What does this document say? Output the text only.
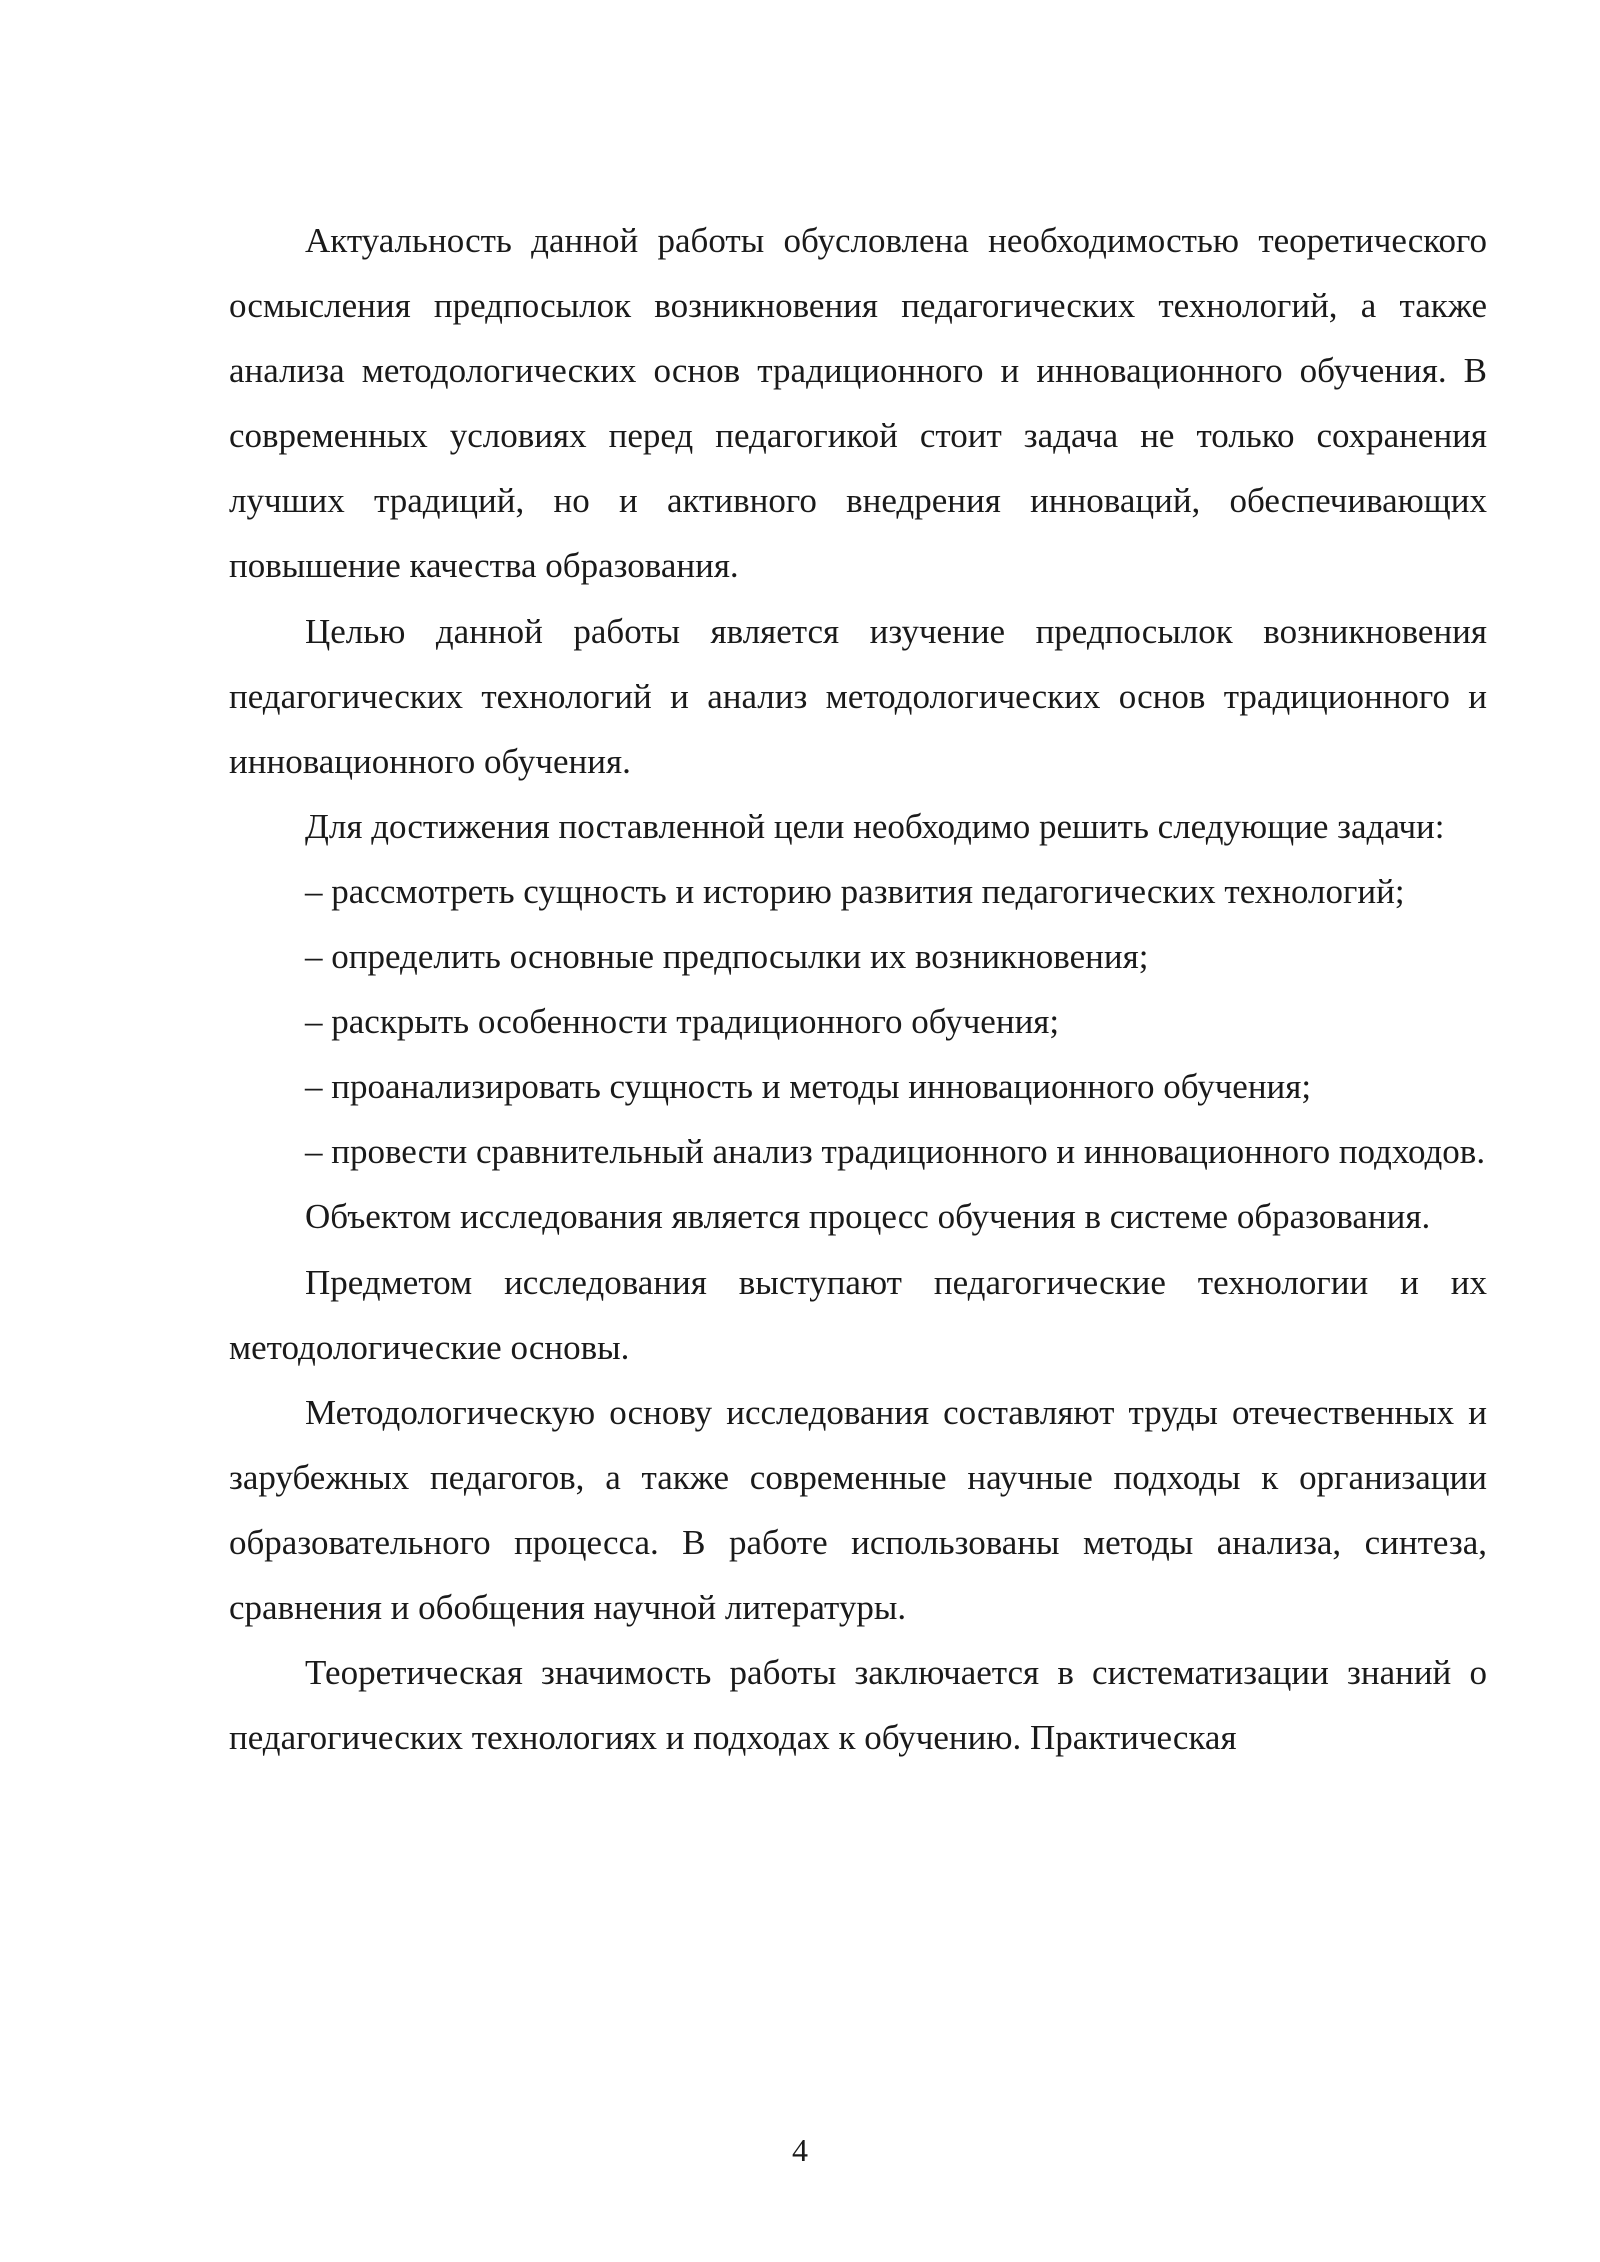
Актуальность данной работы обусловлена необходимостью теоретического осмысления предпосылок возникновения педагогических технологий, а также анализа методологических основ традиционного и инновационного обучения. В современных условиях перед педагогикой стоит задача не только сохранения лучших традиций, но и активного внедрения инноваций, обеспечивающих повышение качества образования.

Целью данной работы является изучение предпосылок возникновения педагогических технологий и анализ методологических основ традиционного и инновационного обучения.

Для достижения поставленной цели необходимо решить следующие задачи:

– рассмотреть сущность и историю развития педагогических технологий;

– определить основные предпосылки их возникновения;

– раскрыть особенности традиционного обучения;

– проанализировать сущность и методы инновационного обучения;

– провести сравнительный анализ традиционного и инновационного подходов.

Объектом исследования является процесс обучения в системе образования.

Предметом исследования выступают педагогические технологии и их методологические основы.

Методологическую основу исследования составляют труды отечественных и зарубежных педагогов, а также современные научные подходы к организации образовательного процесса. В работе использованы методы анализа, синтеза, сравнения и обобщения научной литературы.

Теоретическая значимость работы заключается в систематизации знаний о педагогических технологиях и подходах к обучению. Практическая

4
